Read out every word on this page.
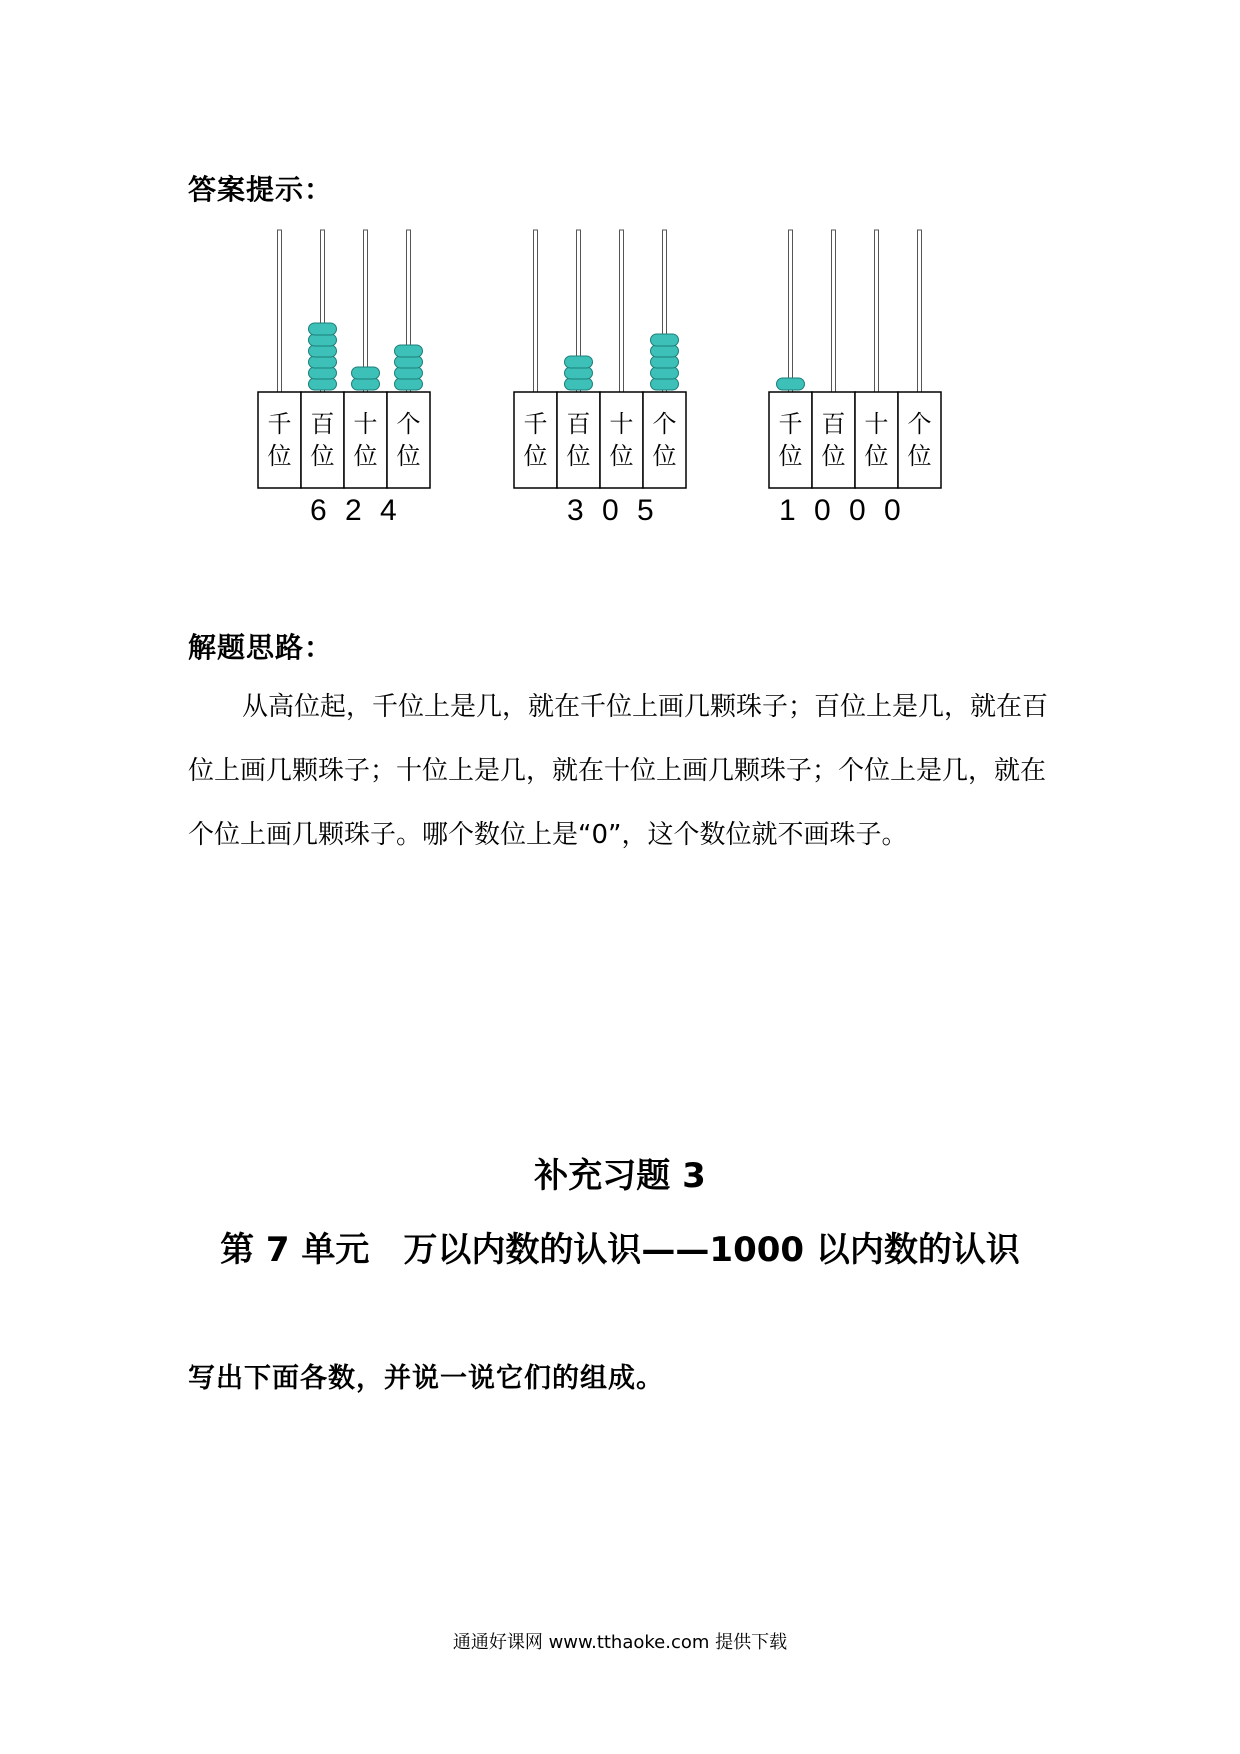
答案提示：
千
位
百
位
十
位
个
位
6 2 4
千
位
百
位
十
位
个
位
3 0 5
千
位
百
位
十
位
个
位
1 0 0 0
解题思路：

从高位起，千位上是几，就在千位上画几颗珠子；百位上是几，就在百位上画几颗珠子；十位上是几，就在十位上画几颗珠子；个位上是几，就在个位上画几颗珠子。哪个数位上是“0”，这个数位就不画珠子。

补充习题 3
第 7 单元　万以内数的认识——1000 以内数的认识
写出下面各数，并说一说它们的组成。
通通好课网 www.tthaoke.com 提供下载
